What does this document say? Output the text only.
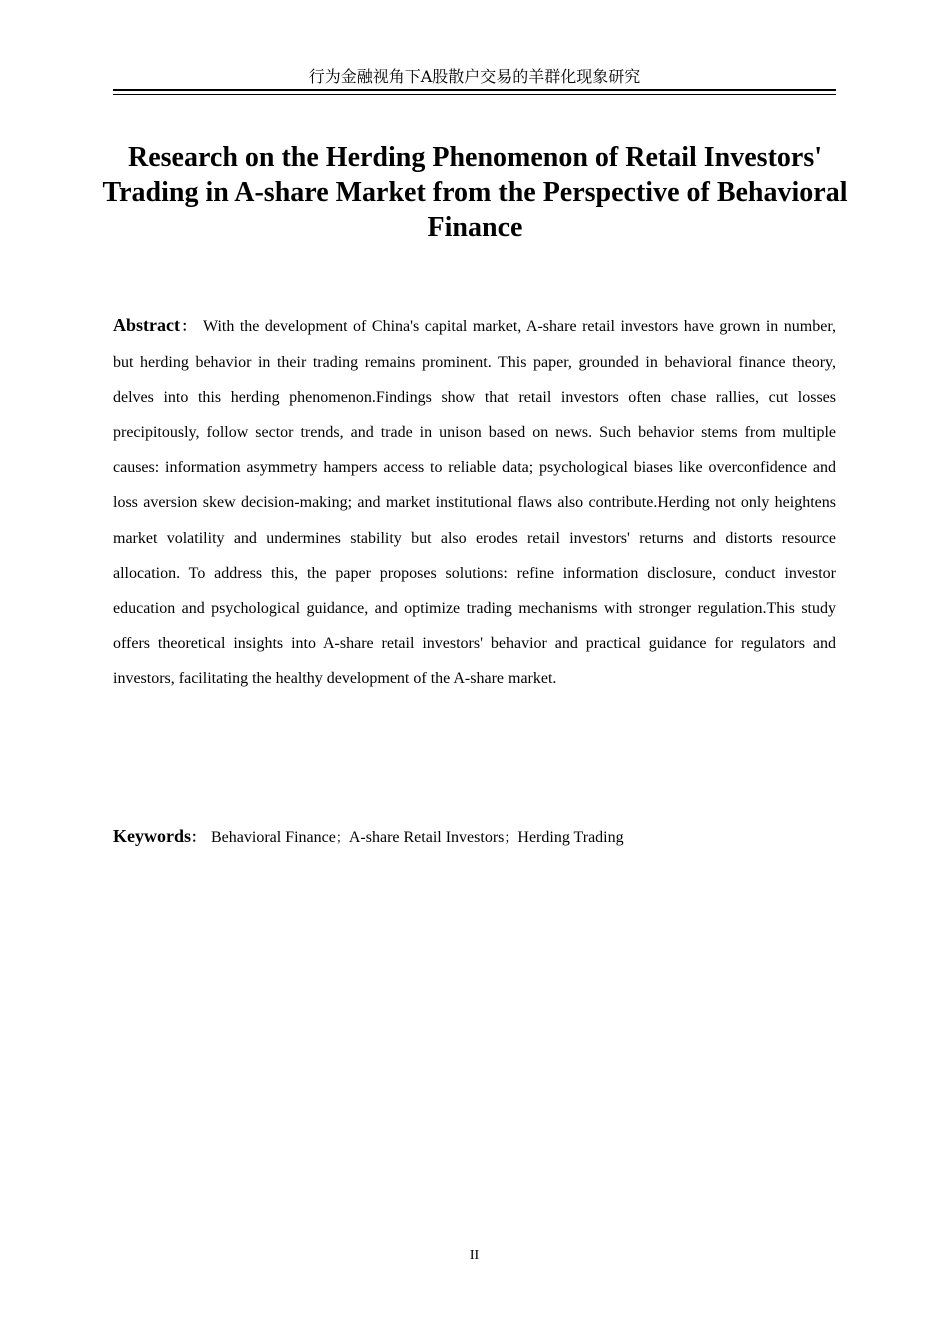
行为金融视角下A股散户交易的羊群化现象研究
Research on the Herding Phenomenon of Retail Investors' Trading in A-share Market from the Perspective of Behavioral Finance
Abstract： With the development of China's capital market, A-share retail investors have grown in number, but herding behavior in their trading remains prominent. This paper, grounded in behavioral finance theory, delves into this herding phenomenon.Findings show that retail investors often chase rallies, cut losses precipitously, follow sector trends, and trade in unison based on news. Such behavior stems from multiple causes: information asymmetry hampers access to reliable data; psychological biases like overconfidence and loss aversion skew decision-making; and market institutional flaws also contribute.Herding not only heightens market volatility and undermines stability but also erodes retail investors' returns and distorts resource allocation. To address this, the paper proposes solutions: refine information disclosure, conduct investor education and psychological guidance, and optimize trading mechanisms with stronger regulation.This study offers theoretical insights into A-share retail investors' behavior and practical guidance for regulators and investors, facilitating the healthy development of the A-share market.
Keywords： Behavioral Finance；A-share Retail Investors；Herding Trading
II
